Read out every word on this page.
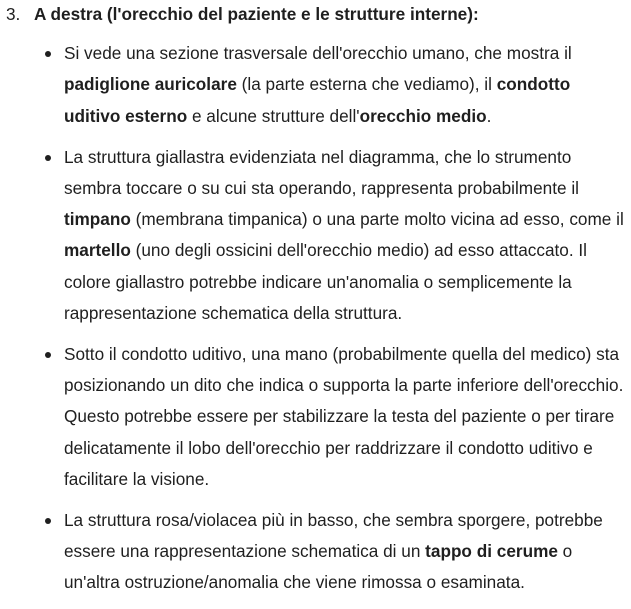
3. A destra (l'orecchio del paziente e le strutture interne):
Si vede una sezione trasversale dell'orecchio umano, che mostra il padiglione auricolare (la parte esterna che vediamo), il condotto uditivo esterno e alcune strutture dell'orecchio medio.
La struttura giallastra evidenziata nel diagramma, che lo strumento sembra toccare o su cui sta operando, rappresenta probabilmente il timpano (membrana timpanica) o una parte molto vicina ad esso, come il martello (uno degli ossicini dell'orecchio medio) ad esso attaccato. Il colore giallastro potrebbe indicare un'anomalia o semplicemente la rappresentazione schematica della struttura.
Sotto il condotto uditivo, una mano (probabilmente quella del medico) sta posizionando un dito che indica o supporta la parte inferiore dell'orecchio. Questo potrebbe essere per stabilizzare la testa del paziente o per tirare delicatamente il lobo dell'orecchio per raddrizzare il condotto uditivo e facilitare la visione.
La struttura rosa/violacea più in basso, che sembra sporgere, potrebbe essere una rappresentazione schematica di un tappo di cerume o un'altra ostruzione/anomalia che viene rimossa o esaminata.
